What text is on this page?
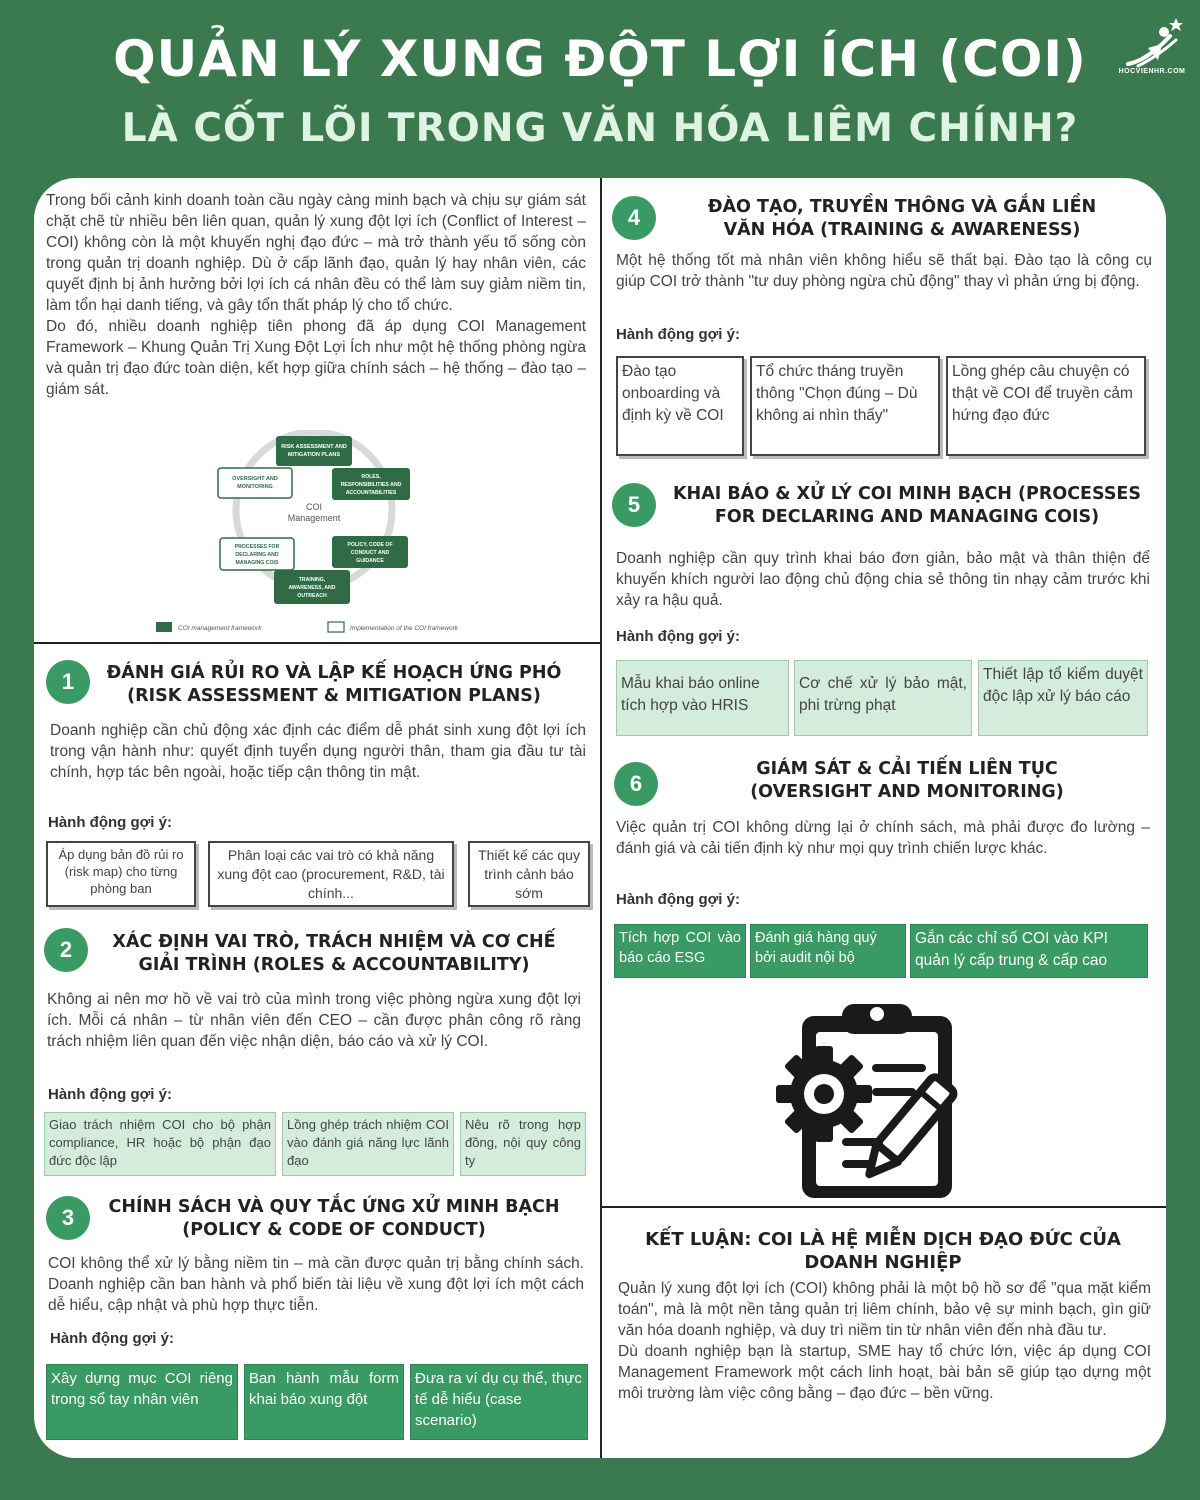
QUẢN LÝ XUNG ĐỘT LỢI ÍCH (COI)
LÀ CỐT LÕI TRONG VĂN HÓA LIÊM CHÍNH?
HOCVIENHR.COM

Trong bối cảnh kinh doanh toàn cầu ngày càng minh bạch và chịu sự giám sát chặt chẽ từ nhiều bên liên quan, quản lý xung đột lợi ích (Conflict of Interest – COI) không còn là một khuyến nghị đạo đức – mà trở thành yếu tố sống còn trong quản trị doanh nghiệp. Dù ở cấp lãnh đạo, quản lý hay nhân viên, các quyết định bị ảnh hưởng bởi lợi ích cá nhân đều có thể làm suy giảm niềm tin, làm tổn hại danh tiếng, và gây tổn thất pháp lý cho tổ chức.

Do đó, nhiều doanh nghiệp tiên phong đã áp dụng COI Management Framework – Khung Quản Trị Xung Đột Lợi Ích như một hệ thống phòng ngừa và quản trị đạo đức toàn diện, kết hợp giữa chính sách – hệ thống – đào tạo – giám sát.

COI
Management
RISK ASSESSMENT AND
MITIGATION PLANS
ROLES,
RESPONSIBILITIES AND
ACCOUNTABILITIES
POLICY, CODE OF
CONDUCT AND
GUIDANCE
TRAINING,
AWARENESS, AND
OUTREACH
PROCESSES FOR
DECLARING AND
MANAGING COIS
OVERSIGHT AND
MONITORING
COI management framework	Implementation of the COI framework
1	ĐÁNH GIÁ RỦI RO VÀ LẬP KẾ HOẠCH ỨNG PHÓ
(RISK ASSESSMENT & MITIGATION PLANS)
Doanh nghiệp cần chủ động xác định các điểm dễ phát sinh xung đột lợi ích trong vận hành như: quyết định tuyển dụng người thân, tham gia đầu tư tài chính, hợp tác bên ngoài, hoặc tiếp cận thông tin mật.
Hành động gợi ý:
Áp dụng bản đồ rủi ro (risk map) cho từng phòng ban
Phân loại các vai trò có khả năng xung đột cao (procurement, R&D, tài chính...
Thiết kế các quy trình cảnh báo sớm
2	XÁC ĐỊNH VAI TRÒ, TRÁCH NHIỆM VÀ CƠ CHẾ
GIẢI TRÌNH (ROLES & ACCOUNTABILITY)
Không ai nên mơ hồ về vai trò của mình trong việc phòng ngừa xung đột lợi ích. Mỗi cá nhân – từ nhân viên đến CEO – cần được phân công rõ ràng trách nhiệm liên quan đến việc nhận diện, báo cáo và xử lý COI.
Hành động gợi ý:
Giao trách nhiệm COI cho bộ phận compliance, HR hoặc bộ phận đạo đức độc lập
Lồng ghép trách nhiệm COI vào đánh giá năng lực lãnh đạo
Nêu rõ trong hợp đồng, nội quy công ty
3	CHÍNH SÁCH VÀ QUY TẮC ỨNG XỬ MINH BẠCH
(POLICY & CODE OF CONDUCT)
COI không thể xử lý bằng niềm tin – mà cần được quản trị bằng chính sách. Doanh nghiệp cần ban hành và phổ biến tài liệu về xung đột lợi ích một cách dễ hiểu, cập nhật và phù hợp thực tiễn.
Hành động gợi ý:
Xây dựng mục COI riêng trong sổ tay nhân viên
Ban hành mẫu form khai báo xung đột
Đưa ra ví dụ cụ thể, thực tế dễ hiểu (case scenario)
4	ĐÀO TẠO, TRUYỀN THÔNG VÀ GẮN LIỀN
VĂN HÓA (TRAINING & AWARENESS)
Một hệ thống tốt mà nhân viên không hiểu sẽ thất bại. Đào tạo là công cụ giúp COI trở thành "tư duy phòng ngừa chủ động" thay vì phản ứng bị động.
Hành động gợi ý:
Đào tạo onboarding và định kỳ về COI
Tổ chức tháng truyền thông "Chọn đúng – Dù không ai nhìn thấy"
Lồng ghép câu chuyện có thật về COI để truyền cảm hứng đạo đức
5	KHAI BÁO & XỬ LÝ COI MINH BẠCH (PROCESSES
FOR DECLARING AND MANAGING COIS)
Doanh nghiệp cần quy trình khai báo đơn giản, bảo mật và thân thiện để khuyến khích người lao động chủ động chia sẻ thông tin nhạy cảm trước khi xảy ra hậu quả.
Hành động gợi ý:
Mẫu khai báo online tích hợp vào HRIS
Cơ chế xử lý bảo mật, phi trừng phạt
Thiết lập tổ kiểm duyệt độc lập xử lý báo cáo
6
GIÁM SÁT & CẢI TIẾN LIÊN TỤC
(OVERSIGHT AND MONITORING)
Việc quản trị COI không dừng lại ở chính sách, mà phải được đo lường – đánh giá và cải tiến định kỳ như mọi quy trình chiến lược khác.
Hành động gợi ý:
Tích hợp COI vào báo cáo ESG
Đánh giá hàng quý bởi audit nội bộ
Gắn các chỉ số COI vào KPI quản lý cấp trung & cấp cao
KẾT LUẬN: COI LÀ HỆ MIỄN DỊCH ĐẠO ĐỨC CỦA
DOANH NGHIỆP

Quản lý xung đột lợi ích (COI) không phải là một bộ hồ sơ để "qua mặt kiểm toán", mà là một nền tảng quản trị liêm chính, bảo vệ sự minh bạch, gìn giữ văn hóa doanh nghiệp, và duy trì niềm tin từ nhân viên đến nhà đầu tư.

Dù doanh nghiệp bạn là startup, SME hay tổ chức lớn, việc áp dụng COI Management Framework một cách linh hoạt, bài bản sẽ giúp tạo dựng một môi trường làm việc công bằng – đạo đức – bền vững.
